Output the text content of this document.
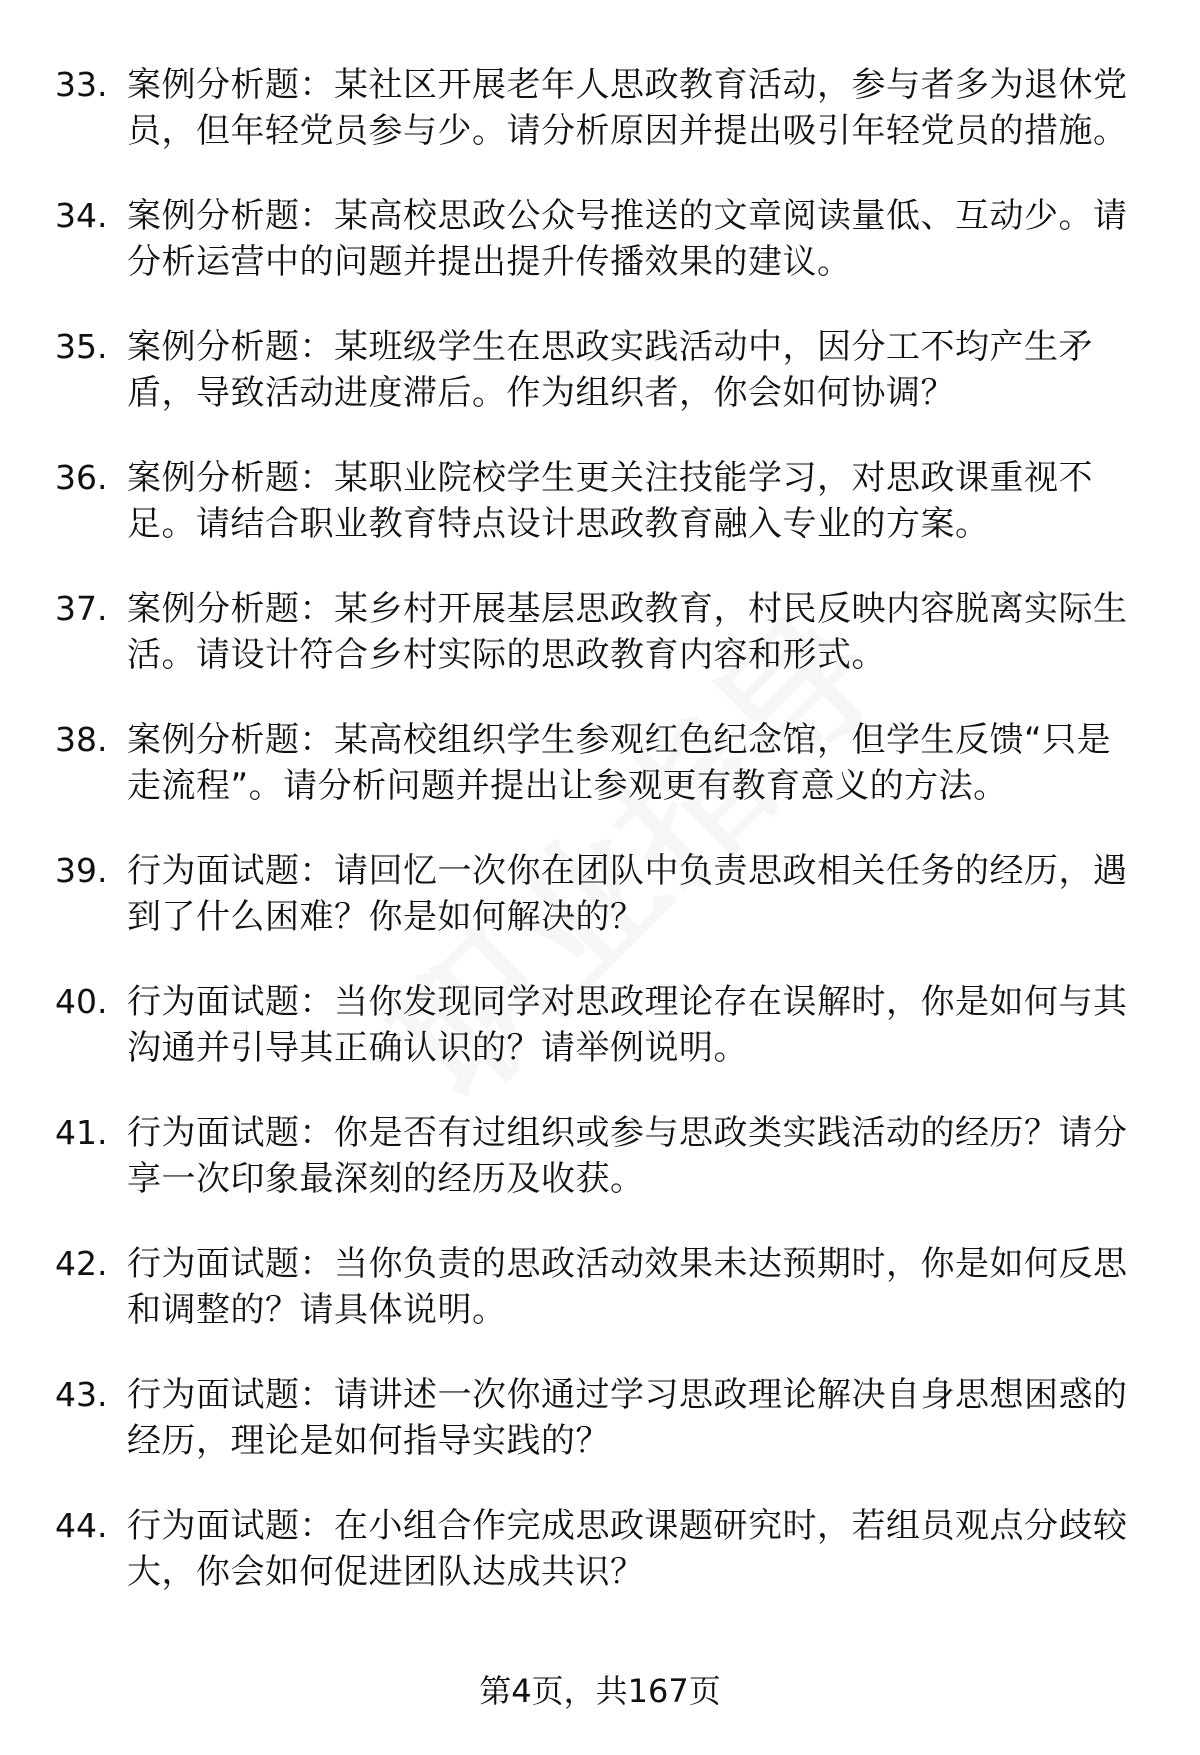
33. 案例分析题：某社区开展老年人思政教育活动，参与者多为退休党员，但年轻党员参与少。请分析原因并提出吸引年轻党员的措施。
34. 案例分析题：某高校思政公众号推送的文章阅读量低、互动少。请分析运营中的问题并提出提升传播效果的建议。
35. 案例分析题：某班级学生在思政实践活动中，因分工不均产生矛盾，导致活动进度滞后。作为组织者，你会如何协调？
36. 案例分析题：某职业院校学生更关注技能学习，对思政课重视不足。请结合职业教育特点设计思政教育融入专业的方案。
37. 案例分析题：某乡村开展基层思政教育，村民反映内容脱离实际生活。请设计符合乡村实际的思政教育内容和形式。
38. 案例分析题：某高校组织学生参观红色纪念馆，但学生反馈“只是走流程”。请分析问题并提出让参观更有教育意义的方法。
39. 行为面试题：请回忆一次你在团队中负责思政相关任务的经历，遇到了什么困难？你是如何解决的？
40. 行为面试题：当你发现同学对思政理论存在误解时，你是如何与其沟通并引导其正确认识的？请举例说明。
41. 行为面试题：你是否有过组织或参与思政类实践活动的经历？请分享一次印象最深刻的经历及收获。
42. 行为面试题：当你负责的思政活动效果未达预期时，你是如何反思和调整的？请具体说明。
43. 行为面试题：请讲述一次你通过学习思政理论解决自身思想困惑的经历，理论是如何指导实践的？
44. 行为面试题：在小组合作完成思政课题研究时，若组员观点分歧较大，你会如何促进团队达成共识？
第4页，共167页
